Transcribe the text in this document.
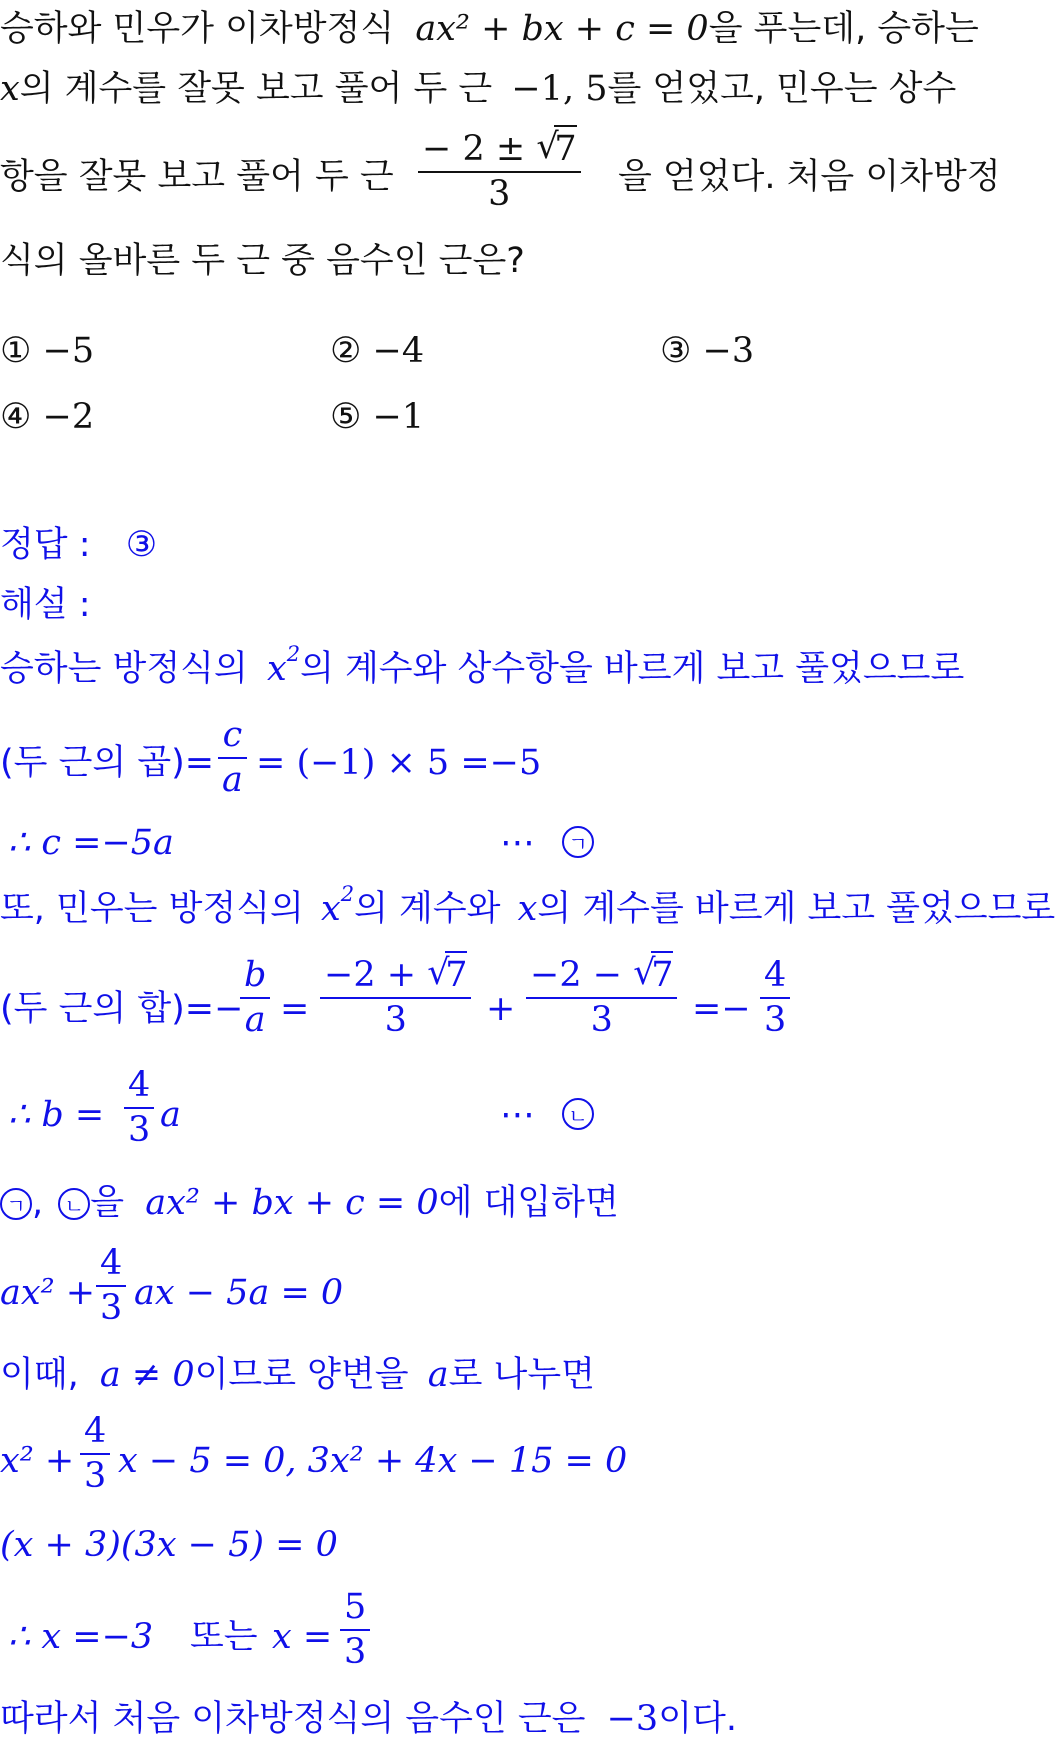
승하와 민우가 이차방정식 ax² + bx + c = 0을 푸는데, 승하는
x의 계수를 잘못 보고 풀어 두 근 −1, 5를 얻었고, 민우는 상수
항을 잘못 보고 풀어 두 근 − 2 ± √
7
3 을 얻었다. 처음 이차방정
식의 올바른 두 근 중 음수인 근은?
① −5	② −4	③ −3
④ −2	⑤ −1
정답 : ③
해설 :
승하는 방정식의 $x^2$의 계수와 상수항을 바르게 보고 풀었으므로
(두 근의 곱)= $\frac{c}{a} = (-1) \times 5 =-5$
∴ c =−5a	⋯	ㄱ
또, 민우는 방정식의 $x^2$의 계수와 x의 계수를 바르게 보고 풀었으므로
(두 근의 합)=−
$\frac{b}{a} = -2$ + √
7
3 + −2 − √
7
$3 =- \frac{4}{3}$
∴ $b = \frac{4}{3}$ a	⋯	ㄴ
ㄱ , ㄴ 을 ax² + bx + c = 0에 대입하면
$ax^2 + \frac{4}{3}$ ax − 5a = 0
이때, a ≠ 0이므로 양변을 a로 나누면
$x^2 + \frac{4}{3}$ x − 5 = 0, 3x² + 4x − 15 = 0
(x + 3)(3x − 5) = 0
∴ x =−3 또는 $x = \frac{5}{3}$
따라서 처음 이차방정식의 음수인 근은 −3이다.
